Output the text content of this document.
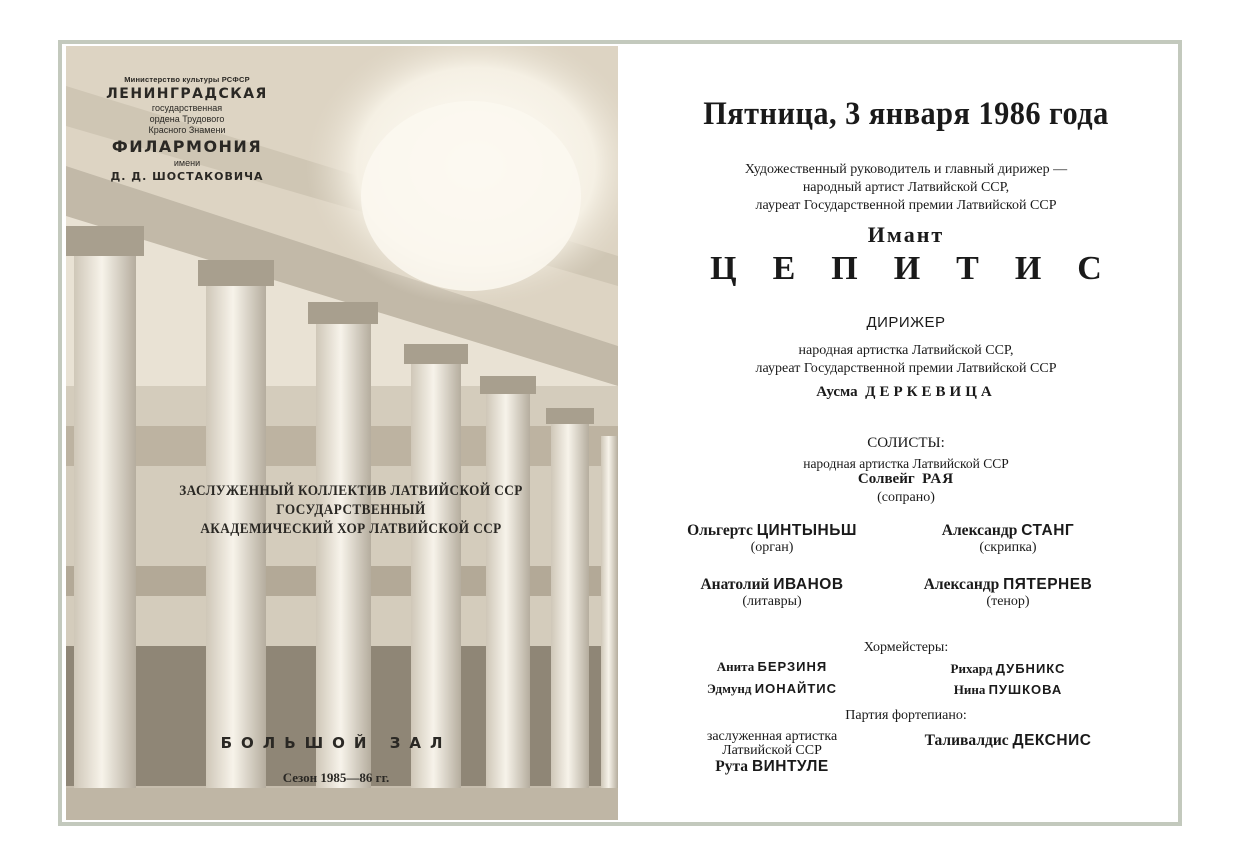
Министерство культуры РСФСР
ЛЕНИНГРАДСКАЯ
государственная
ордена Трудового
Красного Знамени
ФИЛАРМОНИЯ
имени
Д. Д. ШОСТАКОВИЧА
ЗАСЛУЖЕННЫЙ КОЛЛЕКТИВ ЛАТВИЙСКОЙ ССР
ГОСУДАРСТВЕННЫЙ
АКАДЕМИЧЕСКИЙ ХОР ЛАТВИЙСКОЙ ССР
БОЛЬШОЙ ЗАЛ
Сезон 1985—86 гг.
Пятница, 3 января 1986 года
Художественный руководитель и главный дирижер —
народный артист Латвийской ССР,
лауреат Государственной премии Латвийской ССР
Имант
ЦЕПИТИС
ДИРИЖЕР
народная артистка Латвийской ССР,
лауреат Государственной премии Латвийской ССР
Аусма ДЕРКЕВИЦА
СОЛИСТЫ:
народная артистка Латвийской ССР
Солвейг РАЯ
(сопрано)
Ольгертс ЦИНТЫНЬШ
(орган)
Александр СТАНГ
(скрипка)
Анатолий ИВАНОВ
(литавры)
Александр ПЯТЕРНЕВ
(тенор)
Хормейстеры:
Анита БЕРЗИНЯ	Рихард ДУБНИКС
Эдмунд ИОНАЙТИС	Нина ПУШКОВА
Партия фортепиано:
заслуженная артистка
Латвийской ССР
Рута ВИНТУЛЕ
Таливалдис ДЕКСНИС
